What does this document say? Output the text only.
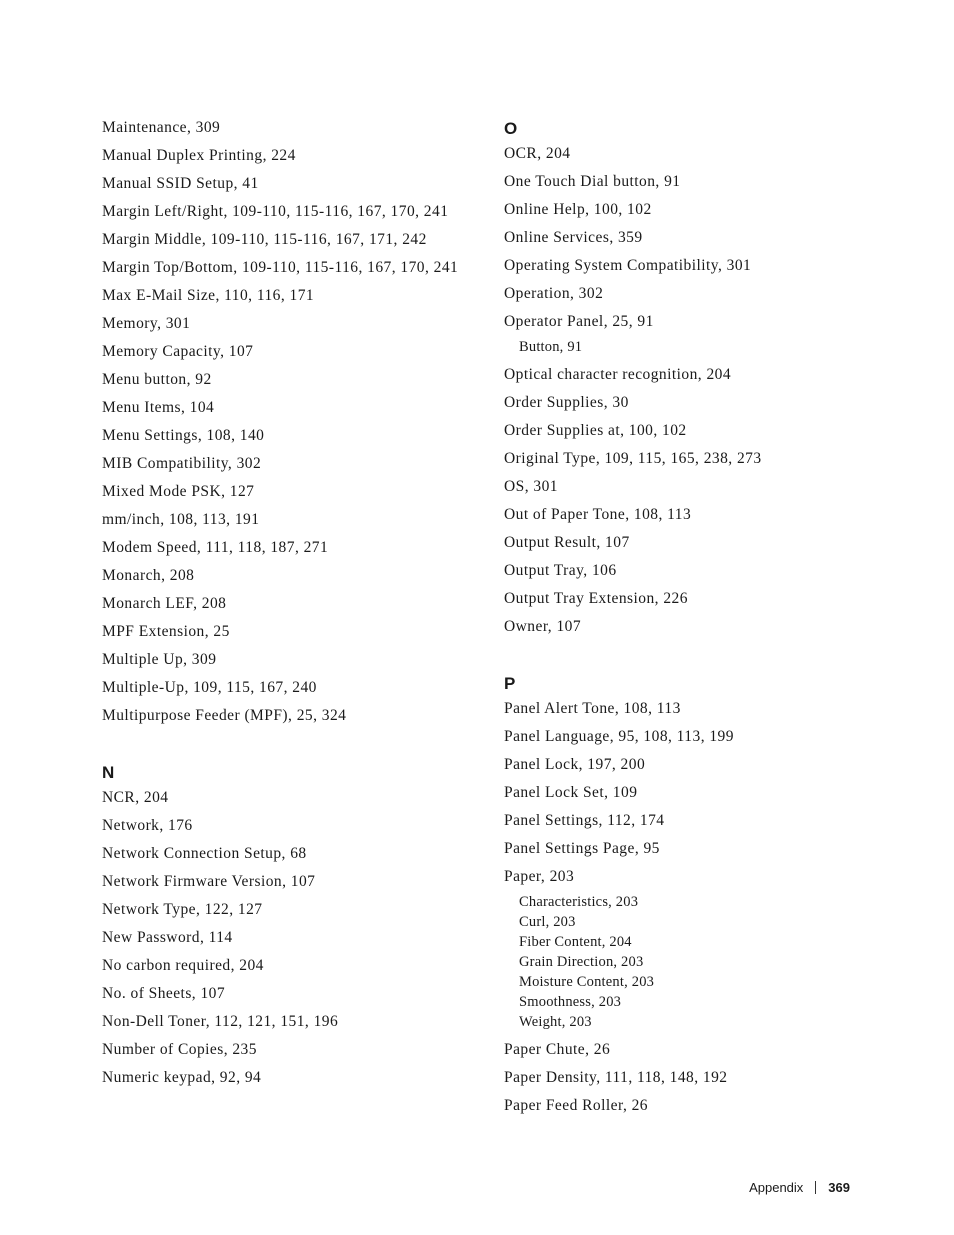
Maintenance, 309
Manual Duplex Printing, 224
Manual SSID Setup, 41
Margin Left/Right, 109-110, 115-116, 167, 170, 241
Margin Middle, 109-110, 115-116, 167, 171, 242
Margin Top/Bottom, 109-110, 115-116, 167, 170, 241
Max E-Mail Size, 110, 116, 171
Memory, 301
Memory Capacity, 107
Menu button, 92
Menu Items, 104
Menu Settings, 108, 140
MIB Compatibility, 302
Mixed Mode PSK, 127
mm/inch, 108, 113, 191
Modem Speed, 111, 118, 187, 271
Monarch, 208
Monarch LEF, 208
MPF Extension, 25
Multiple Up, 309
Multiple-Up, 109, 115, 167, 240
Multipurpose Feeder (MPF), 25, 324
N
NCR, 204
Network, 176
Network Connection Setup, 68
Network Firmware Version, 107
Network Type, 122, 127
New Password, 114
No carbon required, 204
No. of Sheets, 107
Non-Dell Toner, 112, 121, 151, 196
Number of Copies, 235
Numeric keypad, 92, 94
O
OCR, 204
One Touch Dial button, 91
Online Help, 100, 102
Online Services, 359
Operating System Compatibility, 301
Operation, 302
Operator Panel, 25, 91
Button, 91
Optical character recognition, 204
Order Supplies, 30
Order Supplies at, 100, 102
Original Type, 109, 115, 165, 238, 273
OS, 301
Out of Paper Tone, 108, 113
Output Result, 107
Output Tray, 106
Output Tray Extension, 226
Owner, 107
P
Panel Alert Tone, 108, 113
Panel Language, 95, 108, 113, 199
Panel Lock, 197, 200
Panel Lock Set, 109
Panel Settings, 112, 174
Panel Settings Page, 95
Paper, 203
Characteristics, 203
Curl, 203
Fiber Content, 204
Grain Direction, 203
Moisture Content, 203
Smoothness, 203
Weight, 203
Paper Chute, 26
Paper Density, 111, 118, 148, 192
Paper Feed Roller, 26
Appendix 369
